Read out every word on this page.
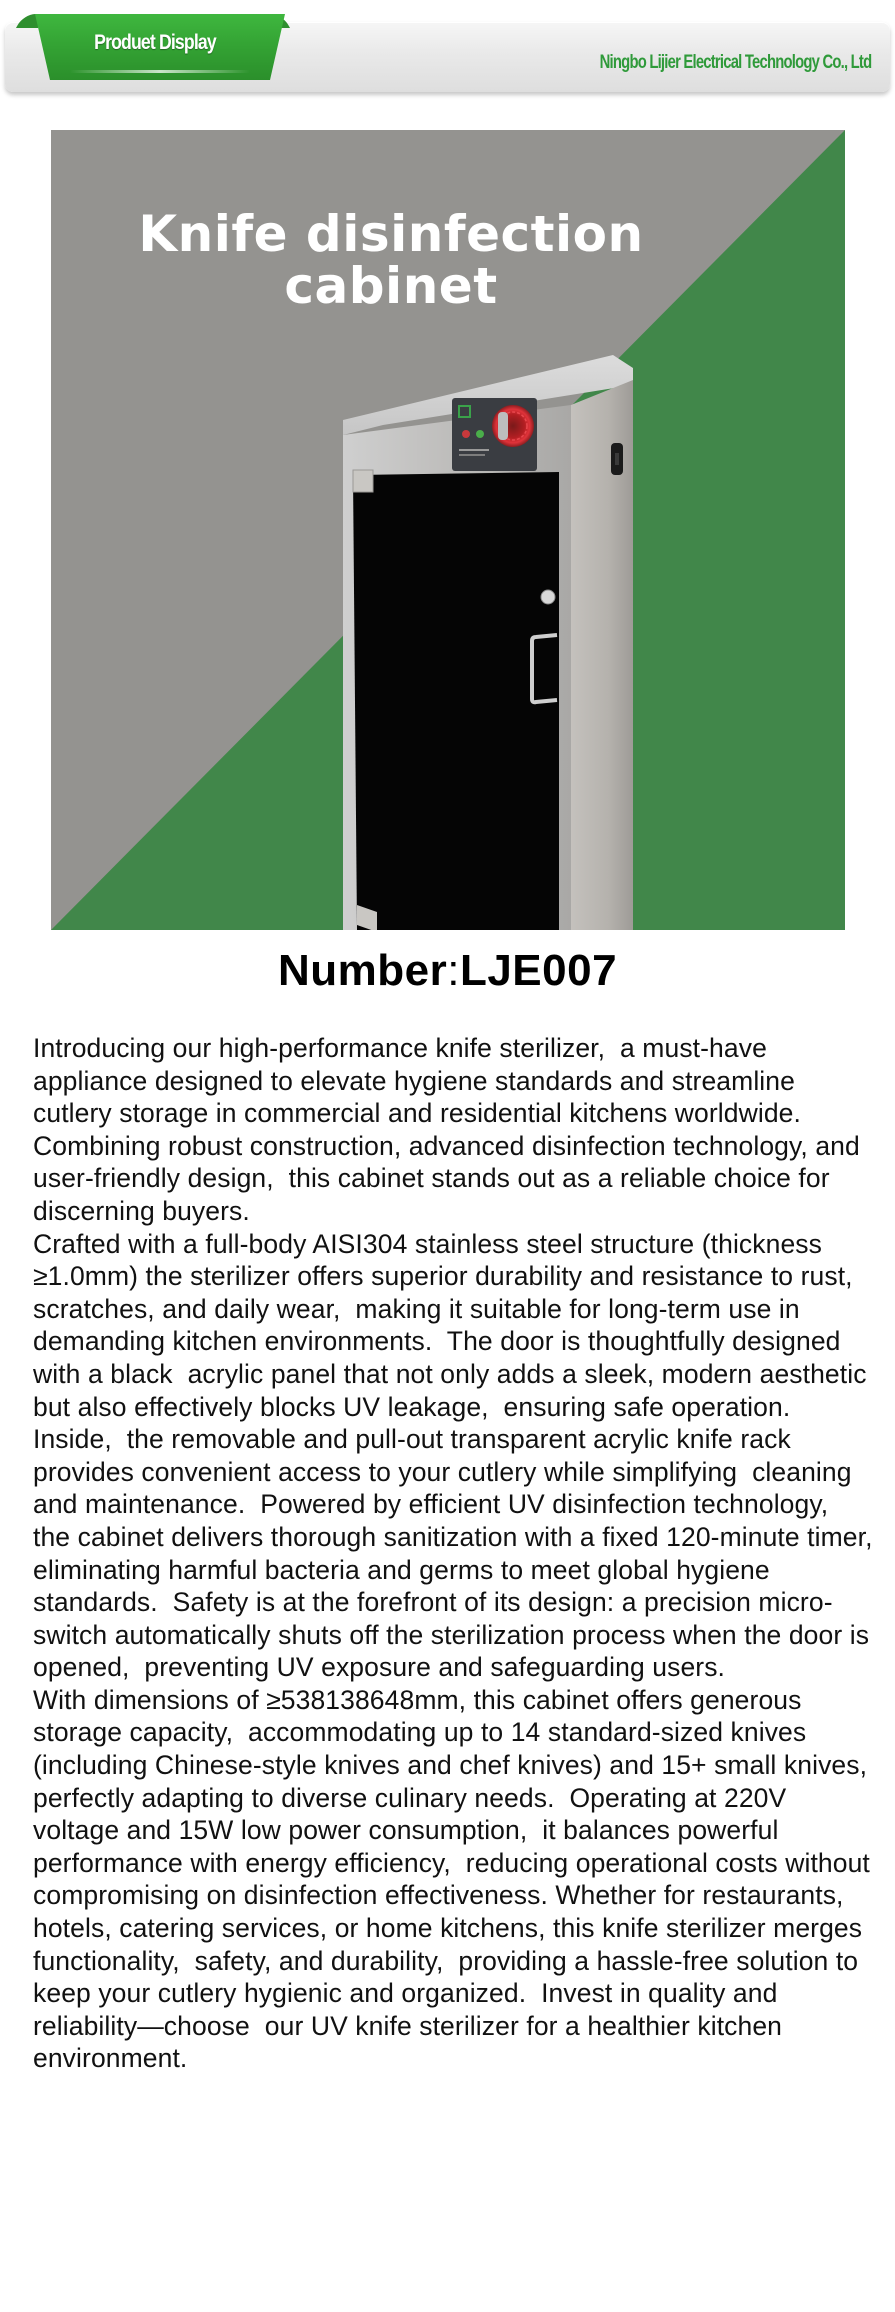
Produet Display
Ningbo Lijier Electrical Technology Co., Ltd
Knife disinfection
cabinet
Number:LJE007

Introducing our high-performance knife sterilizer,  a must-have appliance designed to elevate hygiene standards and streamline cutlery storage in commercial and residential kitchens worldwide.  Combining robust construction, advanced disinfection technology, and user-friendly design,  this cabinet stands out as a reliable choice for discerning buyers.

Crafted with a full-body AISI304 stainless steel structure (thickness ≥1.0mm) the sterilizer offers superior durability and resistance to rust, scratches, and daily wear,  making it suitable for long-term use in demanding kitchen environments.  The door is thoughtfully designed with a black  acrylic panel that not only adds a sleek, modern aesthetic but also effectively blocks UV leakage,  ensuring safe operation.

Inside,  the removable and pull-out transparent acrylic knife rack provides convenient access to your cutlery while simplifying  cleaning and maintenance.  Powered by efficient UV disinfection technology,  the cabinet delivers thorough sanitization with a fixed 120-minute timer, eliminating harmful bacteria and germs to meet global hygiene standards.  Safety is at the forefront of its design: a precision micro-switch automatically shuts off the sterilization process when the door is opened,  preventing UV exposure and safeguarding users.

With dimensions of ≥538138648mm, this cabinet offers generous storage capacity,  accommodating up to 14 standard-sized knives (including Chinese-style knives and chef knives) and 15+ small knives,  perfectly adapting to diverse culinary needs.  Operating at 220V voltage and 15W low power consumption,  it balances powerful performance with energy efficiency,  reducing operational costs without compromising on disinfection effectiveness. Whether for restaurants, hotels, catering services, or home kitchens, this knife sterilizer merges functionality,  safety, and durability,  providing a hassle-free solution to keep your cutlery hygienic and organized.  Invest in quality and reliability—choose  our UV knife sterilizer for a healthier kitchen environment.
